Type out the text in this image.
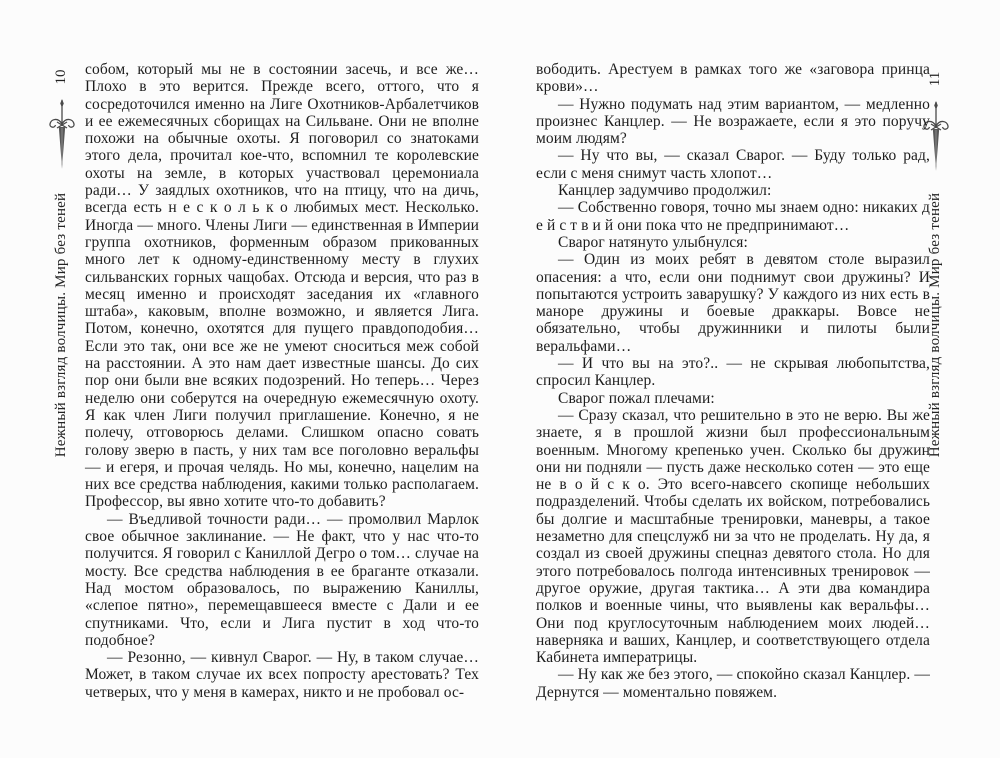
10
Нежный взгляд волчицы. Мир без теней
11
Нежный взгляд волчицы. Мир без теней

собом, который мы не в состоянии засечь, и все же… Плохо в это верится. Прежде всего, оттого, что я сосредоточился именно на Лиге Охотников-Арбалетчиков и ее ежемесячных сборищах на Сильване. Они не вполне похожи на обычные охоты. Я поговорил со знатоками этого дела, прочитал кое-что, вспомнил те королевские охоты на земле, в которых участвовал церемониала ради… У заядлых охотников, что на птицу, что на дичь, всегда есть н е с к о л ь к о любимых мест. Несколько. Иногда — много. Члены Лиги — единственная в Империи группа охотников, форменным образом прикованных много лет к одному-единственному месту в глухих сильванских горных чащобах. Отсюда и версия, что раз в месяц именно и происходят заседания их «главного штаба», каковым, вполне возможно, и является Лига. Потом, конечно, охотятся для пущего правдоподобия… Если это так, они все же не умеют сноситься меж собой на расстоянии. А это нам дает известные шансы. До сих пор они были вне всяких подозрений. Но теперь… Через неделю они соберутся на очередную ежемесячную охоту. Я как член Лиги получил приглашение. Конечно, я не полечу, отговорюсь делами. Слишком опасно совать голову зверю в пасть, у них там все поголовно веральфы — и егеря, и прочая челядь. Но мы, конечно, нацелим на них все средства наблюдения, какими только располагаем. Профессор, вы явно хотите что-то добавить?

— Въедливой точности ради… — промолвил Марлок свое обычное заклинание. — Не факт, что у нас что-то получится. Я говорил с Каниллой Дегро о том… случае на мосту. Все средства наблюдения в ее браганте отказали. Над мостом образовалось, по выражению Каниллы, «слепое пятно», перемещавшееся вместе с Дали и ее спутниками. Что, если и Лига пустит в ход что-то подобное?

— Резонно, — кивнул Сварог. — Ну, в таком случае… Может, в таком случае их всех попросту арестовать? Тех четверых, что у меня в камерах, никто и не пробовал ос-

вободить. Арестуем в рамках того же «заговора принца крови»…

— Нужно подумать над этим вариантом, — медленно произнес Канцлер. — Не возражаете, если я это поручу моим людям?

— Ну что вы, — сказал Сварог. — Буду только рад, если с меня снимут часть хлопот…

Канцлер задумчиво продолжил:

— Собственно говоря, точно мы знаем одно: никаких д е й с т в и й они пока что не предпринимают…

Сварог натянуто улыбнулся:

— Один из моих ребят в девятом столе выразил опасения: а что, если они поднимут свои дружины? И попытаются устроить заварушку? У каждого из них есть в маноре дружины и боевые драккары. Вовсе не обязательно, чтобы дружинники и пилоты были веральфами…

— И что вы на это?.. — не скрывая любопытства, спросил Канцлер.

Сварог пожал плечами:

— Сразу сказал, что решительно в это не верю. Вы же знаете, я в прошлой жизни был профессиональным военным. Многому крепенько учен. Сколько бы дружин они ни подняли — пусть даже несколько сотен — это еще не в о й с к о. Это всего-навсего скопище небольших подразделений. Чтобы сделать их войском, потребовались бы долгие и масштабные тренировки, маневры, а такое незаметно для спецслужб ни за что не проделать. Ну да, я создал из своей дружины спецназ девятого стола. Но для этого потребовалось полгода интенсивных тренировок — другое оружие, другая тактика… А эти два командира полков и военные чины, что выявлены как веральфы… Они под круглосуточным наблюдением моих людей… наверняка и ваших, Канцлер, и соответствующего отдела Кабинета императрицы.

— Ну как же без этого, — спокойно сказал Канцлер. — Дернутся — моментально повяжем.
